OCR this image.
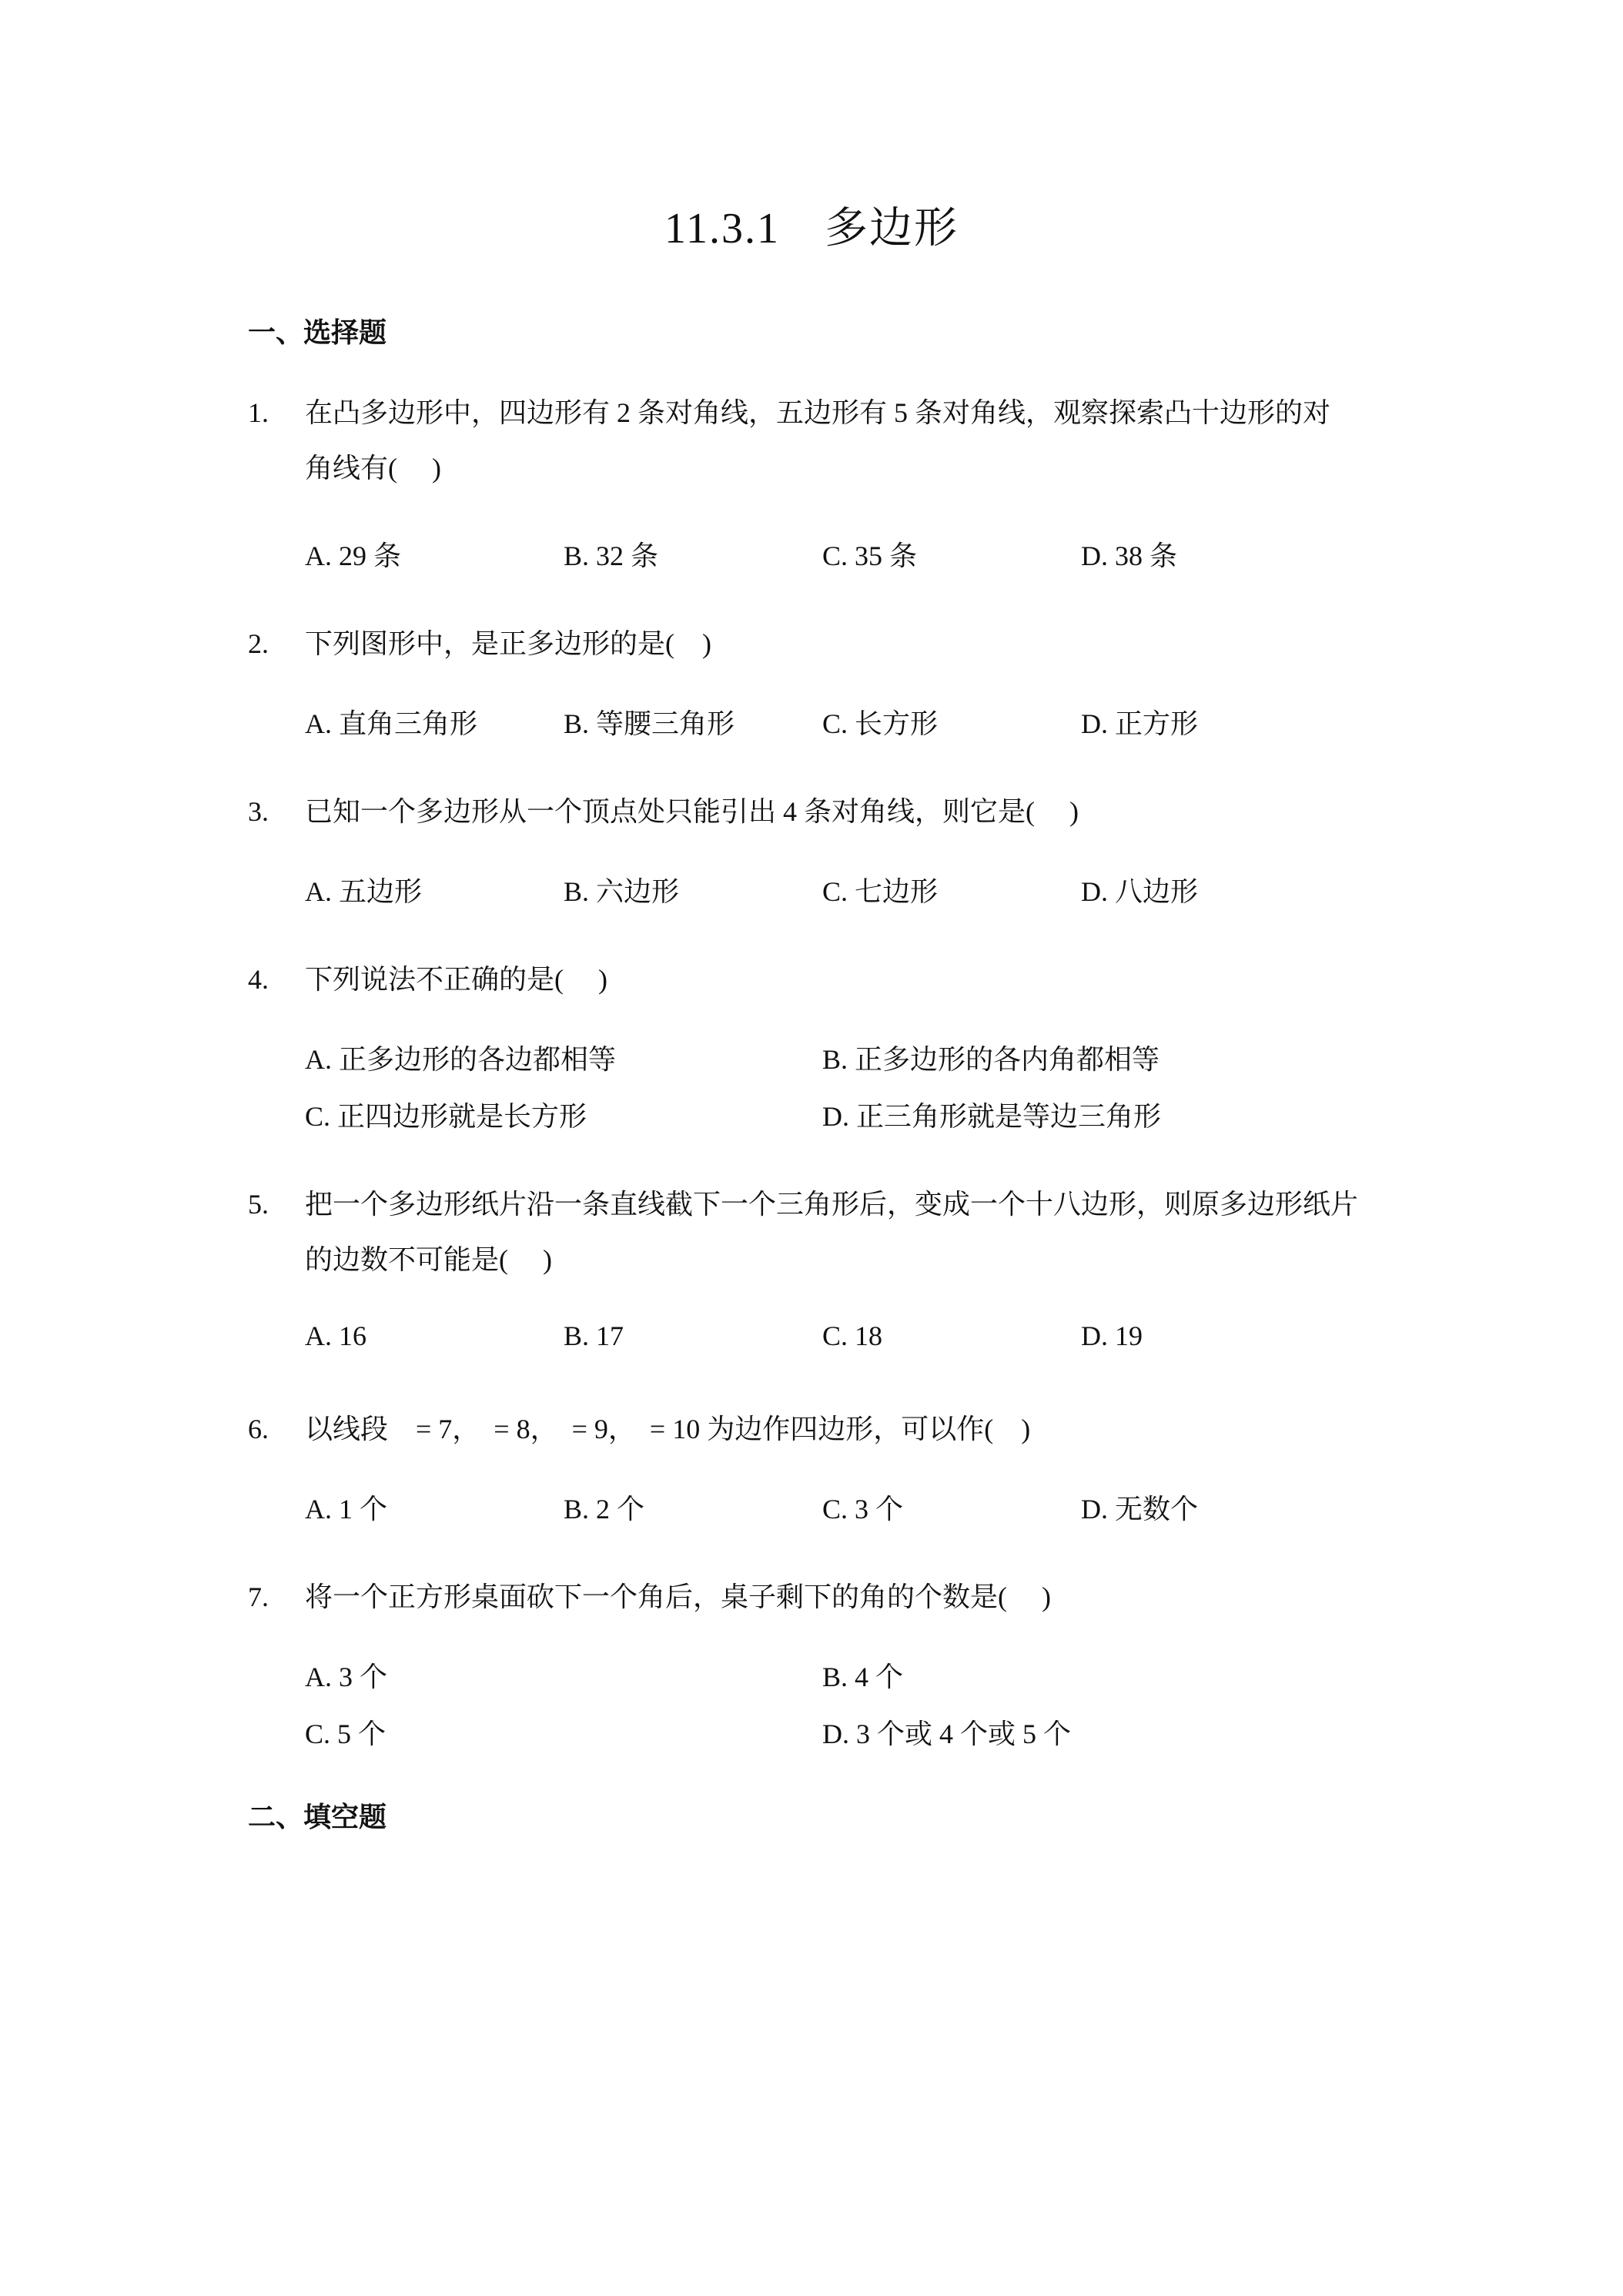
11.3.1　多边形
一、选择题
1.	在凸多边形中，四边形有 2 条对角线，五边形有 5 条对角线，观察探索凸十边形的对
角线有(　 )
A. 29 条	B. 32 条	C. 35 条	D. 38 条
2.	下列图形中，是正多边形的是(　)
A. 直角三角形	B. 等腰三角形	C. 长方形	D. 正方形
3.	已知一个多边形从一个顶点处只能引出 4 条对角线，则它是(　 )
A. 五边形	B. 六边形	C. 七边形	D. 八边形
4.	下列说法不正确的是(　 )
A. 正多边形的各边都相等	B. 正多边形的各内角都相等
C. 正四边形就是长方形	D. 正三角形就是等边三角形
5.	把一个多边形纸片沿一条直线截下一个三角形后，变成一个十八边形，则原多边形纸片
的边数不可能是(　 )
A. 16	B. 17	C. 18	D. 19
6.	以线段　= 7，　= 8，　= 9，　= 10 为边作四边形，可以作(　)
A. 1 个	B. 2 个	C. 3 个	D. 无数个
7.	将一个正方形桌面砍下一个角后，桌子剩下的角的个数是(　 )
A. 3 个	B. 4 个
C. 5 个	D. 3 个或 4 个或 5 个
二、填空题
